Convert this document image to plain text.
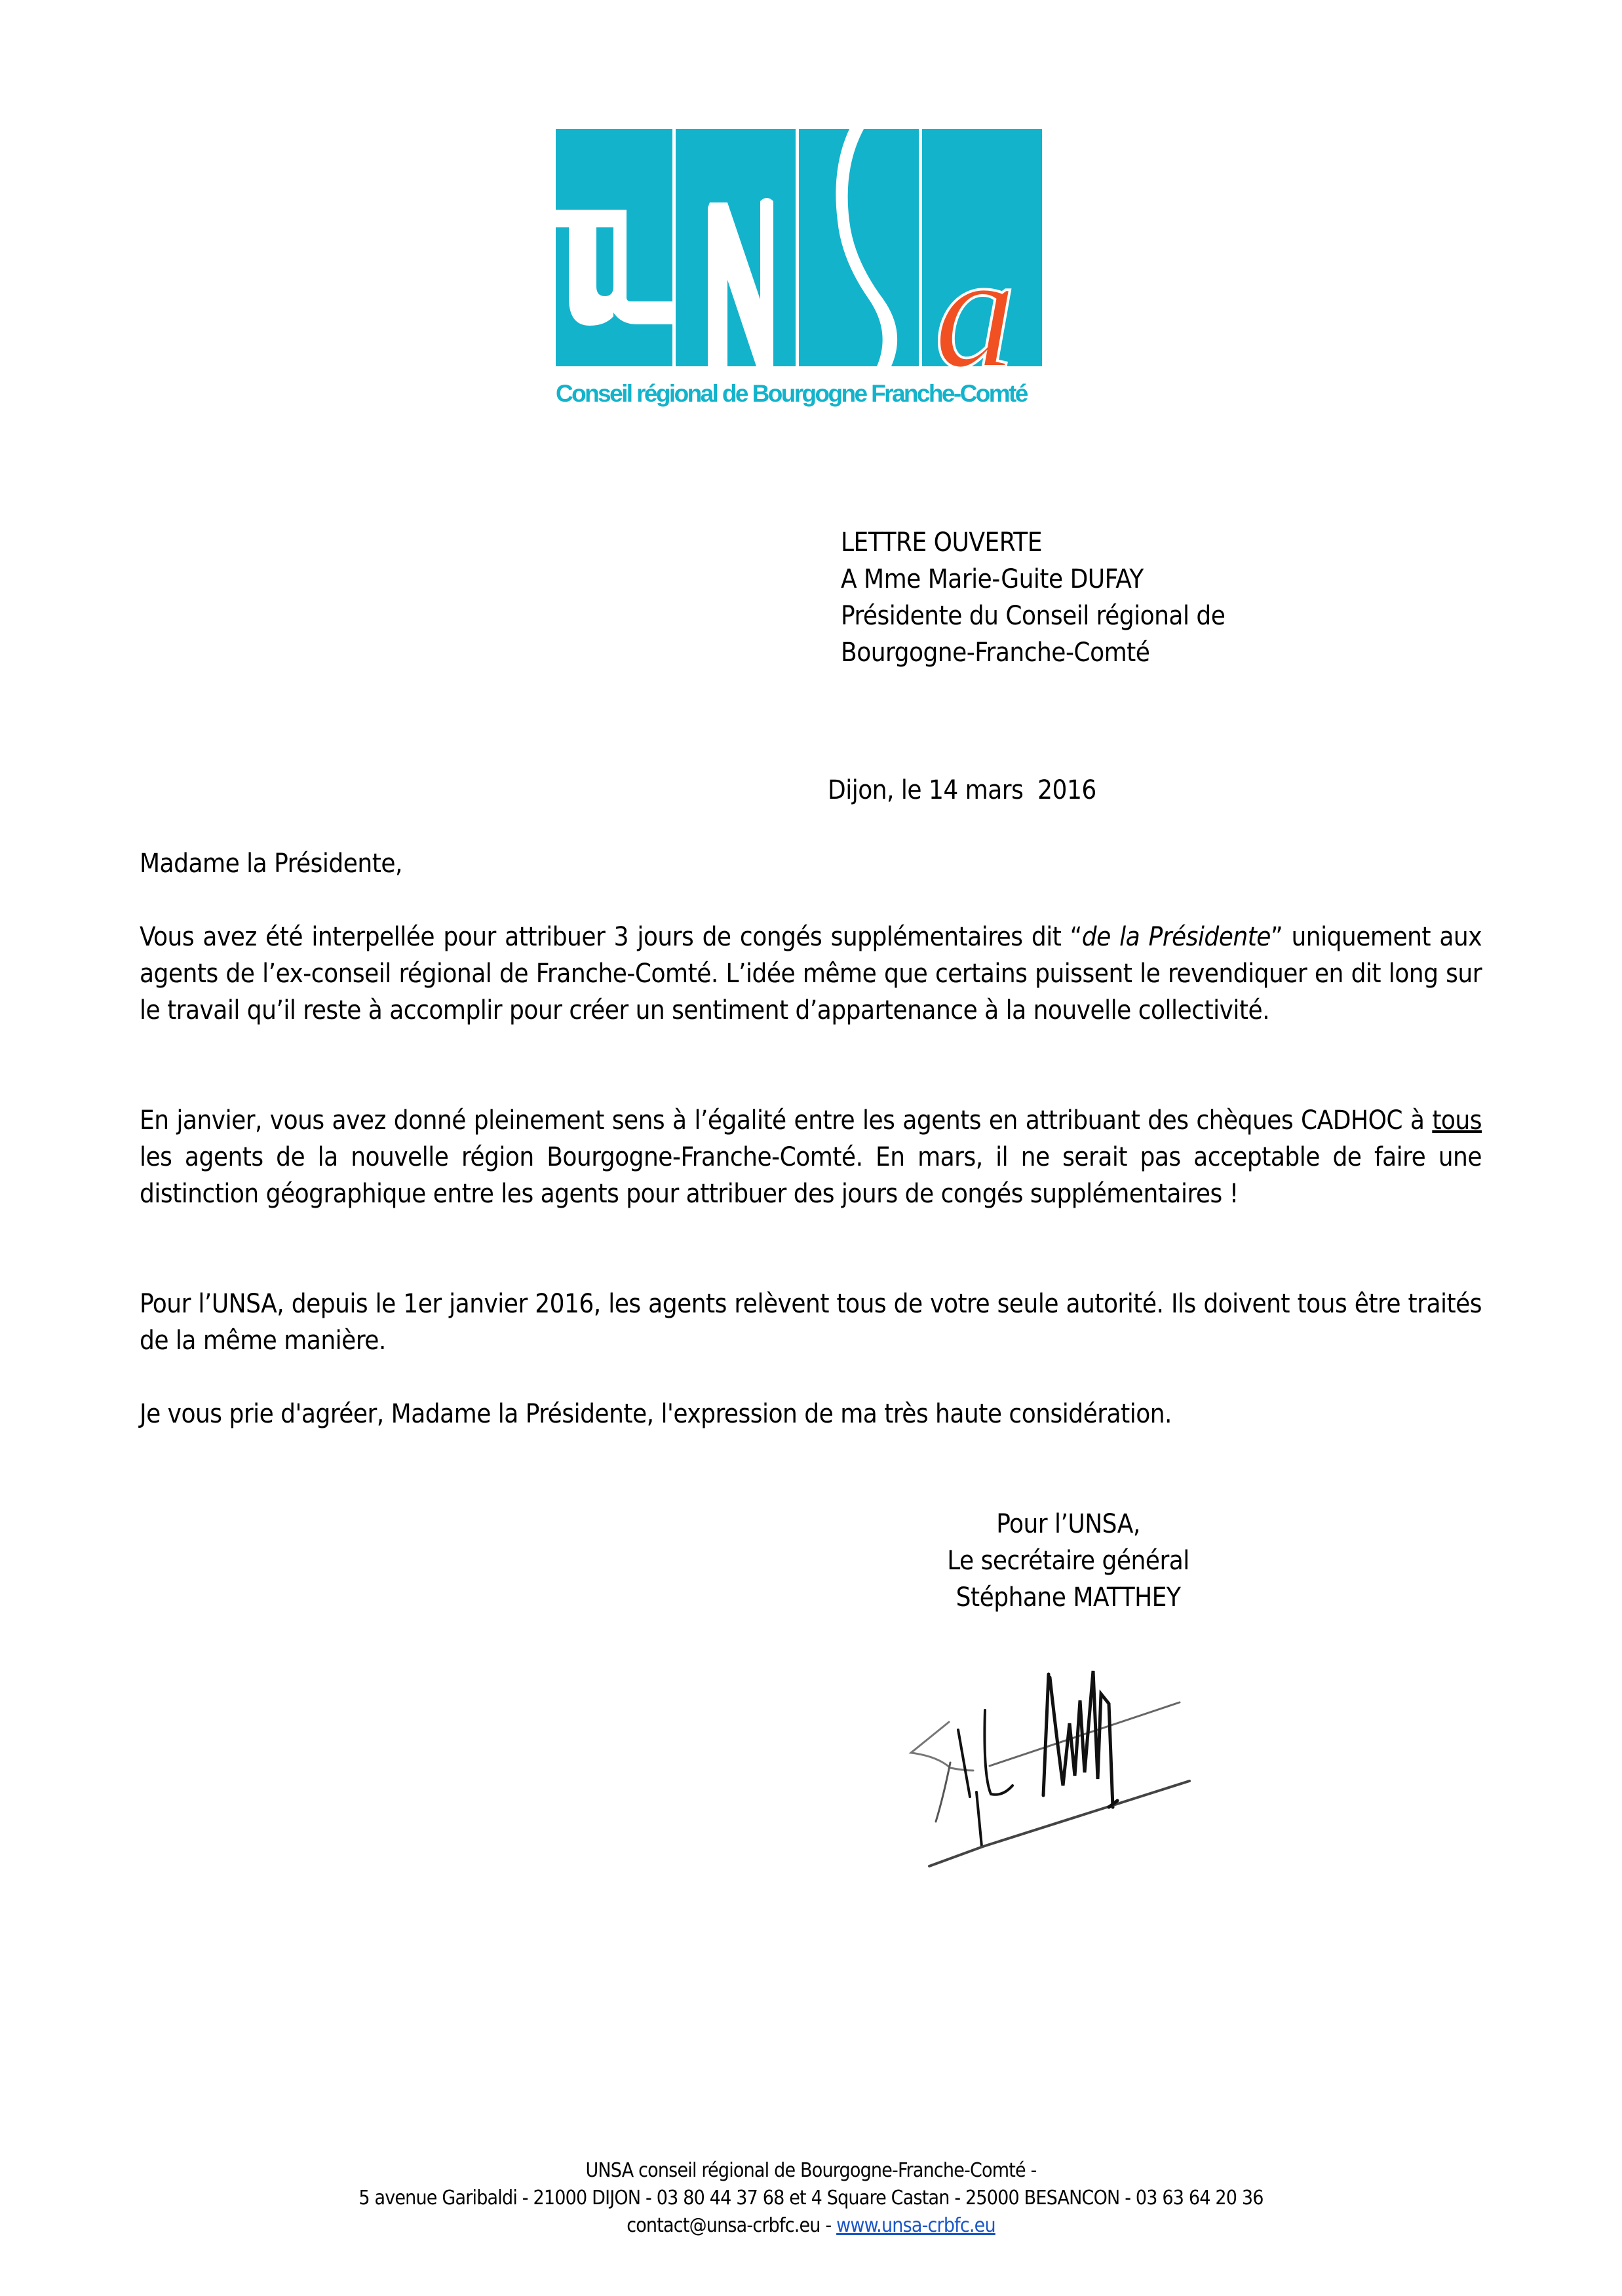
a
Conseil régional de Bourgogne Franche-Comté
LETTRE OUVERTE
A Mme Marie-Guite DUFAY
Présidente du Conseil régional de
Bourgogne-Franche-Comté
Dijon, le 14 mars  2016
Madame la Présidente,
Vous avez été interpellée pour attribuer 3 jours de congés supplémentaires dit “de la Présidente” uniquement aux agents de l’ex-conseil régional de Franche-Comté. L’idée même que certains puissent le revendiquer en dit long sur le travail qu’il reste à accomplir pour créer un sentiment d’appartenance à la nouvelle collectivité.
En janvier, vous avez donné pleinement sens à l’égalité entre les agents en attribuant des chèques CADHOC à tous les agents de la nouvelle région Bourgogne-Franche-Comté. En mars, il ne serait pas acceptable de faire une distinction géographique entre les agents pour attribuer des jours de congés supplémentaires !
Pour l’UNSA, depuis le 1er janvier 2016, les agents relèvent tous de votre seule autorité. Ils doivent tous être traités de la même manière.
Je vous prie d'agréer, Madame la Présidente, l'expression de ma très haute considération.
Pour l’UNSA,
Le secrétaire général
Stéphane MATTHEY
UNSA conseil régional de Bourgogne-Franche-Comté -
5 avenue Garibaldi - 21000 DIJON - 03 80 44 37 68 et 4 Square Castan - 25000 BESANCON - 03 63 64 20 36
contact@unsa-crbfc.eu - www.unsa-crbfc.eu
